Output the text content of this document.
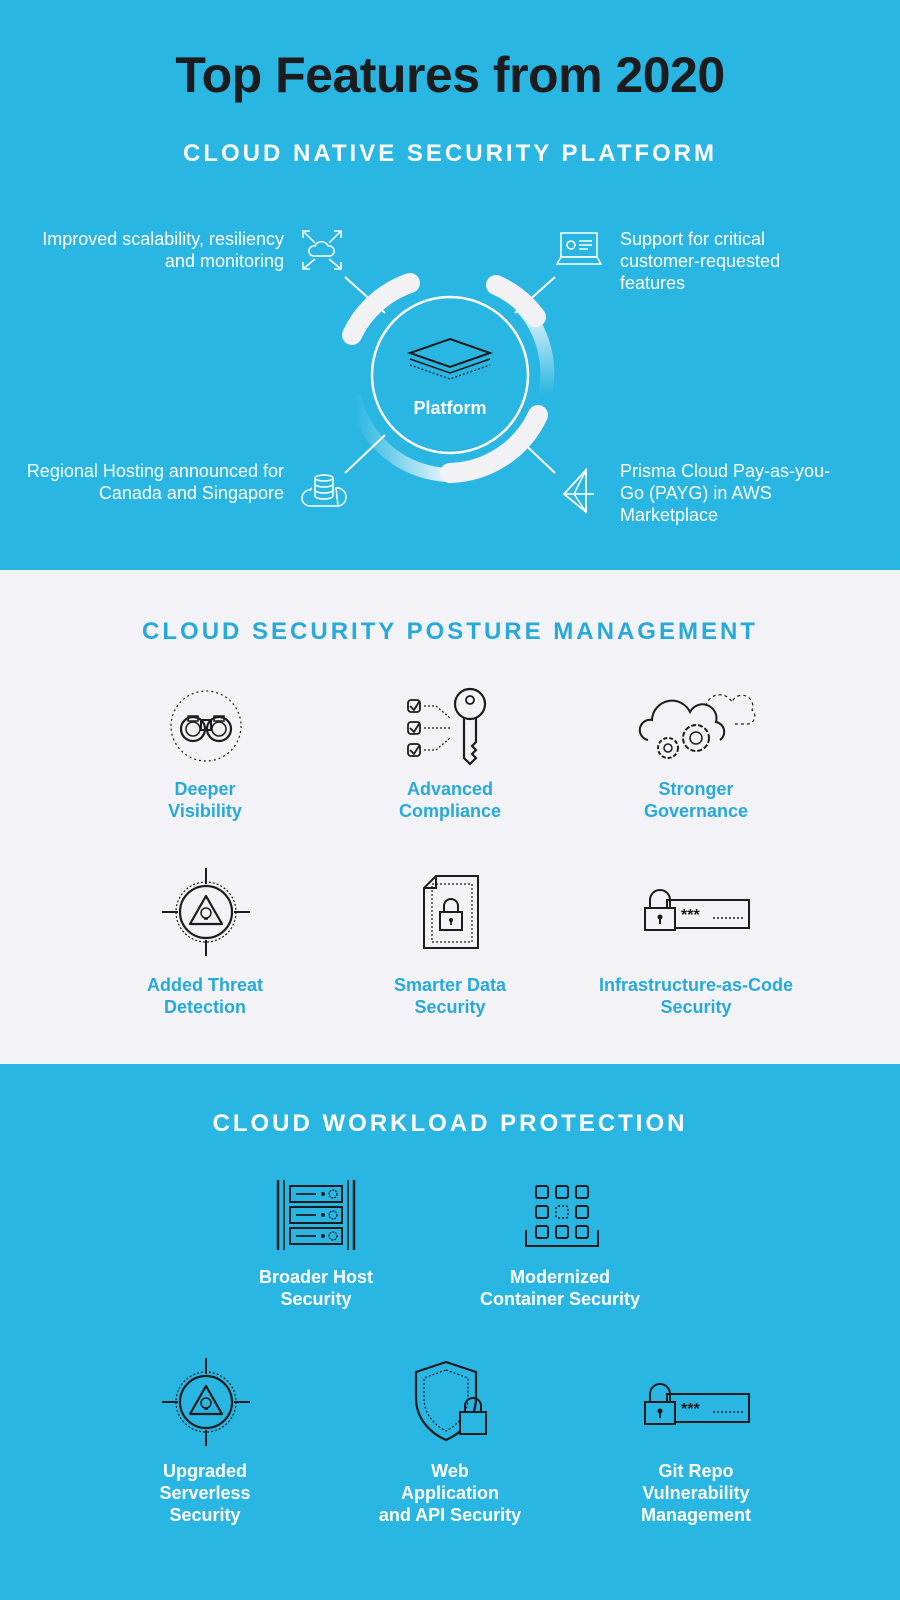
Top Features from 2020
CLOUD NATIVE SECURITY PLATFORM
Platform
Improved scalability, resiliency and monitoring
Support for critical customer-requested features
Regional Hosting announced for Canada and Singapore
Prisma Cloud Pay-as-you-Go (PAYG) in AWS Marketplace
CLOUD SECURITY POSTURE MANAGEMENT
Deeper
Visibility
Advanced
Compliance
Stronger
Governance
Added Threat
Detection
Smarter Data
Security
***
Infrastructure-as-Code
Security
CLOUD WORKLOAD PROTECTION
Broader Host
Security
Modernized
Container Security
Upgraded
Serverless
Security
Web
Application
and API Security
***
Git Repo
Vulnerability
Management
